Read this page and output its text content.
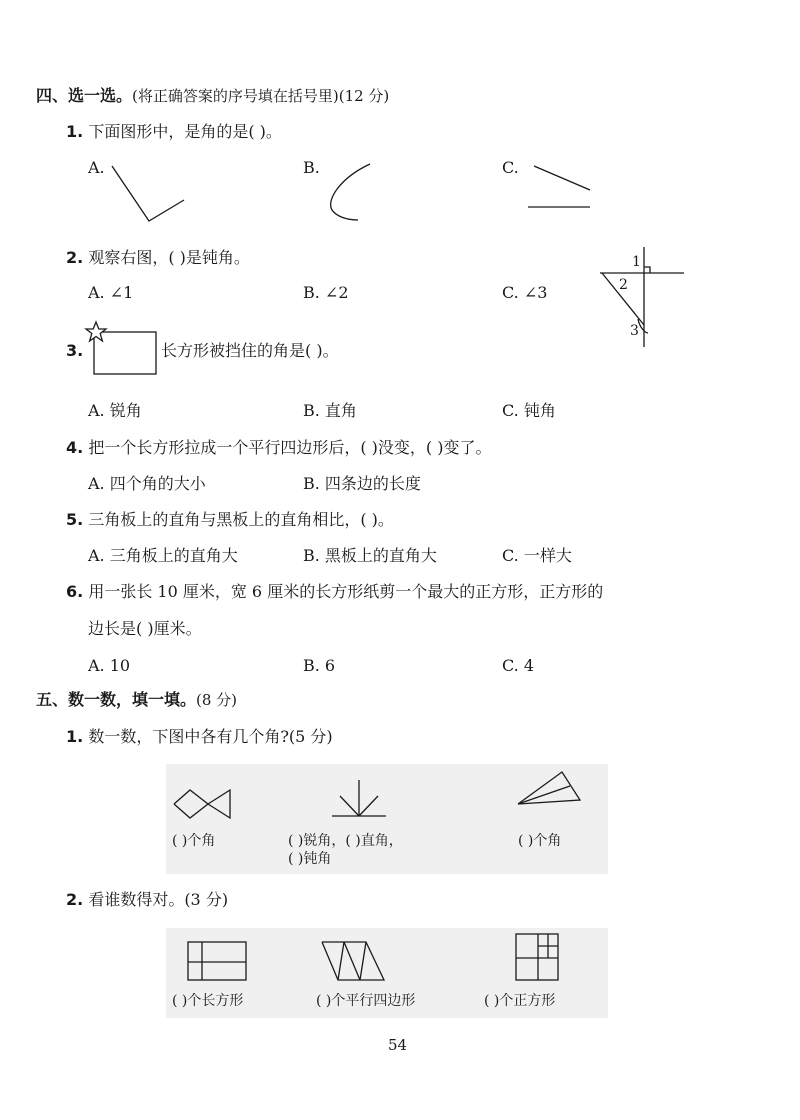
四、选一选。(将正确答案的序号填在括号里)(12 分)
1. 下面图形中，是角的是( )。
A.	B.	C.
2. 观察右图，( )是钝角。
A. ∠1	B. ∠2	C. ∠3
1
2
3
3.	长方形被挡住的角是( )。
A. 锐角	B. 直角	C. 钝角
4. 把一个长方形拉成一个平行四边形后，( )没变，( )变了。
A. 四个角的大小	B. 四条边的长度
5. 三角板上的直角与黑板上的直角相比，( )。
A. 三角板上的直角大	B. 黑板上的直角大	C. 一样大
6. 用一张长 10 厘米，宽 6 厘米的长方形纸剪一个最大的正方形，正方形的
边长是( )厘米。
A. 10	B. 6	C. 4
五、数一数，填一填。(8 分)
1. 数一数，下图中各有几个角?(5 分)
( )个角	( )锐角，( )直角，
( )钝角
( )个角
2. 看谁数得对。(3 分)
( )个长方形	( )个平行四边形	( )个正方形
54
